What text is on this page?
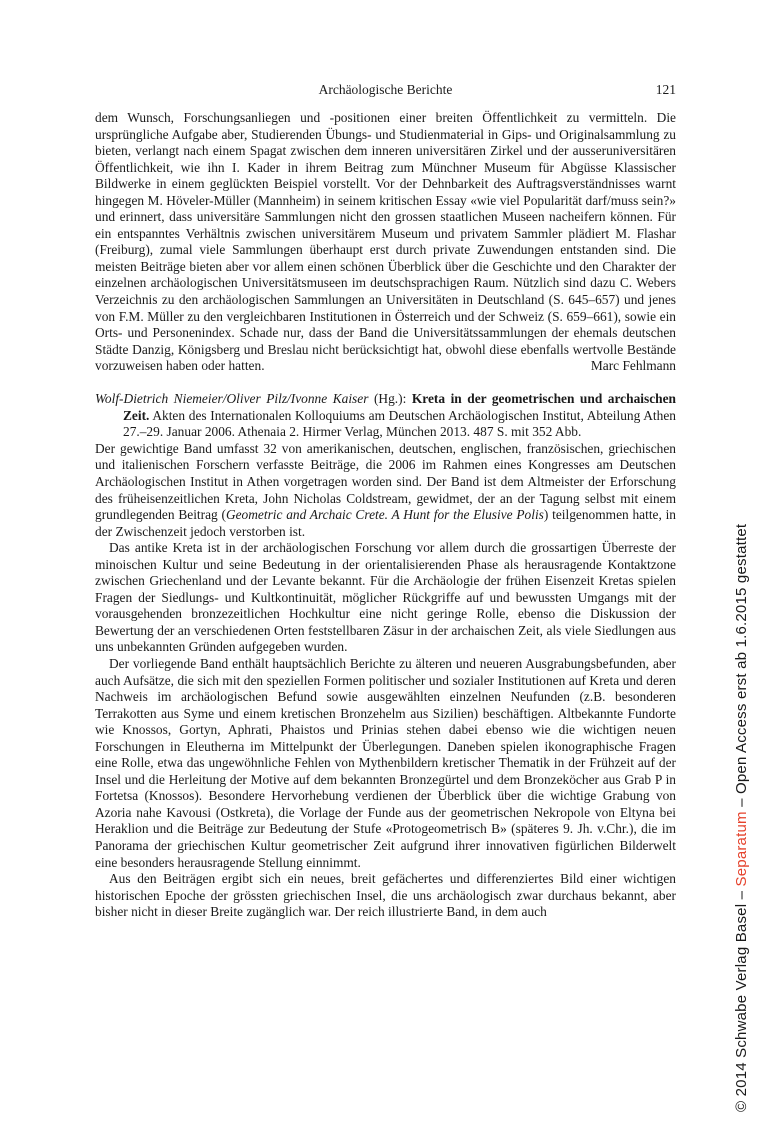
Archäologische Berichte	121

dem Wunsch, Forschungsanliegen und -positionen einer breiten Öffentlichkeit zu vermitteln. Die ursprüngliche Aufgabe aber, Studierenden Übungs- und Studienmaterial in Gips- und Originalsammlung zu bieten, verlangt nach einem Spagat zwischen dem inneren universitären Zirkel und der ausseruniversitären Öffentlichkeit, wie ihn I. Kader in ihrem Beitrag zum Münchner Museum für Abgüsse Klassischer Bildwerke in einem geglückten Beispiel vorstellt. Vor der Dehnbarkeit des Auftragsverständnisses warnt hingegen M. Höveler-Müller (Mannheim) in seinem kritischen Essay «wie viel Popularität darf/muss sein?» und erinnert, dass universitäre Sammlungen nicht den grossen staatlichen Museen nacheifern können. Für ein entspanntes Verhältnis zwischen universitärem Museum und privatem Sammler plädiert M. Flashar (Freiburg), zumal viele Sammlungen überhaupt erst durch private Zuwendungen entstanden sind. Die meisten Beiträge bieten aber vor allem einen schönen Überblick über die Geschichte und den Charakter der einzelnen archäologischen Universitätsmuseen im deutschsprachigen Raum. Nützlich sind dazu C. Webers Verzeichnis zu den archäologischen Sammlungen an Universitäten in Deutschland (S. 645–657) und jenes von F.M. Müller zu den vergleichbaren Institutionen in Österreich und der Schweiz (S. 659–661), sowie ein Orts- und Personenindex. Schade nur, dass der Band die Universitätssammlungen der ehemals deutschen Städte Danzig, Königsberg und Breslau nicht berücksichtigt hat, obwohl diese ebenfalls wertvolle Bestände vorzuweisen haben oder hatten.	Marc Fehlmann

Wolf-Dietrich Niemeier/Oliver Pilz/Ivonne Kaiser (Hg.): Kreta in der geometrischen und archaischen Zeit. Akten des Internationalen Kolloquiums am Deutschen Archäologischen Institut, Abteilung Athen 27.–29. Januar 2006. Athenaia 2. Hirmer Verlag, München 2013. 487 S. mit 352 Abb.

Der gewichtige Band umfasst 32 von amerikanischen, deutschen, englischen, französischen, griechischen und italienischen Forschern verfasste Beiträge, die 2006 im Rahmen eines Kongresses am Deutschen Archäologischen Institut in Athen vorgetragen worden sind. Der Band ist dem Altmeister der Erforschung des früheisenzeitlichen Kreta, John Nicholas Coldstream, gewidmet, der an der Tagung selbst mit einem grundlegenden Beitrag (Geometric and Archaic Crete. A Hunt for the Elusive Polis) teilgenommen hatte, in der Zwischenzeit jedoch verstorben ist.

Das antike Kreta ist in der archäologischen Forschung vor allem durch die grossartigen Überreste der minoischen Kultur und seine Bedeutung in der orientalisierenden Phase als herausragende Kontaktzone zwischen Griechenland und der Levante bekannt. Für die Archäologie der frühen Eisenzeit Kretas spielen Fragen der Siedlungs- und Kultkontinuität, möglicher Rückgriffe auf und bewussten Umgangs mit der vorausgehenden bronzezeitlichen Hochkultur eine nicht geringe Rolle, ebenso die Diskussion der Bewertung der an verschiedenen Orten feststellbaren Zäsur in der archaischen Zeit, als viele Siedlungen aus uns unbekannten Gründen aufgegeben wurden.

Der vorliegende Band enthält hauptsächlich Berichte zu älteren und neueren Ausgrabungsbefunden, aber auch Aufsätze, die sich mit den speziellen Formen politischer und sozialer Institutionen auf Kreta und deren Nachweis im archäologischen Befund sowie ausgewählten einzelnen Neufunden (z.B. besonderen Terrakotten aus Syme und einem kretischen Bronzehelm aus Sizilien) beschäftigen. Altbekannte Fundorte wie Knossos, Gortyn, Aphrati, Phaistos und Prinias stehen dabei ebenso wie die wichtigen neuen Forschungen in Eleutherna im Mittelpunkt der Überlegungen. Daneben spielen ikonographische Fragen eine Rolle, etwa das ungewöhnliche Fehlen von Mythenbildern kretischer Thematik in der Frühzeit auf der Insel und die Herleitung der Motive auf dem bekannten Bronzegürtel und dem Bronzeköcher aus Grab P in Fortetsa (Knossos). Besondere Hervorhebung verdienen der Überblick über die wichtige Grabung von Azoria nahe Kavousi (Ostkreta), die Vorlage der Funde aus der geometrischen Nekropole von Eltyna bei Heraklion und die Beiträge zur Bedeutung der Stufe «Protogeometrisch B» (späteres 9. Jh. v.Chr.), die im Panorama der griechischen Kultur geometrischer Zeit aufgrund ihrer innovativen figürlichen Bilderwelt eine besonders herausragende Stellung einnimmt.

Aus den Beiträgen ergibt sich ein neues, breit gefächertes und differenziertes Bild einer wichtigen historischen Epoche der grössten griechischen Insel, die uns archäologisch zwar durchaus bekannt, aber bisher nicht in dieser Breite zugänglich war. Der reich illustrierte Band, in dem auch	© 2014 Schwabe Verlag Basel – Separatum – Open Access erst ab 1.6.2015 gestattet
